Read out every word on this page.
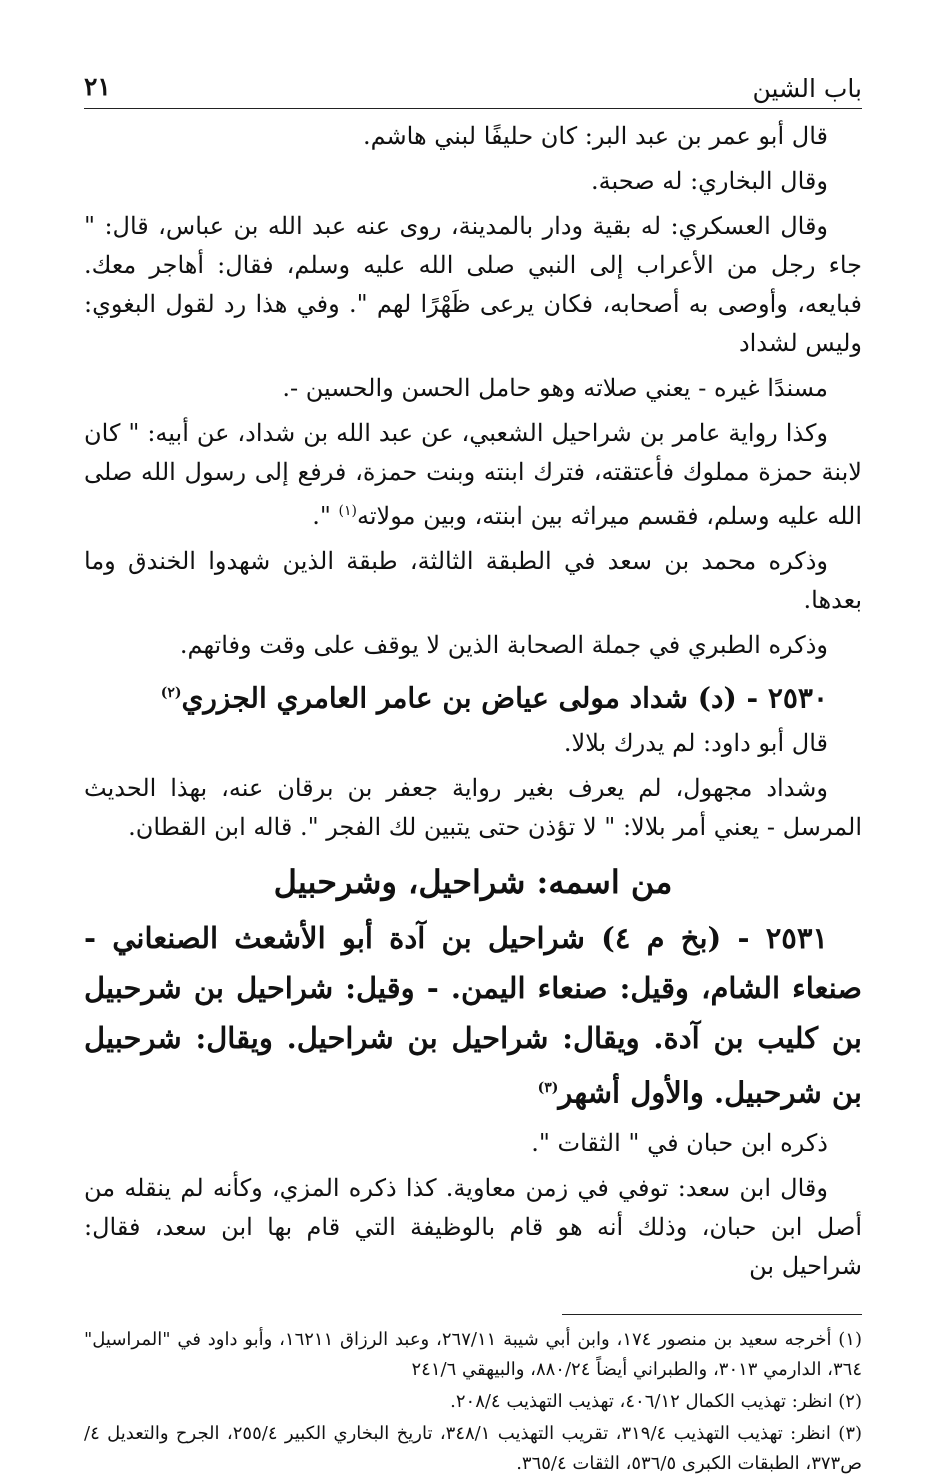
باب الشين
٢١

قال أبو عمر بن عبد البر: كان حليفًا لبني هاشم.

وقال البخاري: له صحبة.

وقال العسكري: له بقية ودار بالمدينة، روى عنه عبد الله بن عباس، قال: " جاء رجل من الأعراب إلى النبي صلى الله عليه وسلم، فقال: أهاجر معك. فبايعه، وأوصى به أصحابه، فكان يرعى ظَهْرًا لهم ". وفي هذا رد لقول البغوي: وليس لشداد

مسندًا غيره - يعني صلاته وهو حامل الحسن والحسين -.

وكذا رواية عامر بن شراحيل الشعبي، عن عبد الله بن شداد، عن أبيه: " كان لابنة حمزة مملوك فأعتقته، فترك ابنته وبنت حمزة، فرفع إلى رسول الله صلى الله عليه وسلم، فقسم ميراثه بين ابنته، وبين مولاته$^{(١)}$ ".

وذكره محمد بن سعد في الطبقة الثالثة، طبقة الذين شهدوا الخندق وما بعدها.

وذكره الطبري في جملة الصحابة الذين لا يوقف على وقت وفاتهم.

٢٥٣٠ - (د) شداد مولى عياض بن عامر العامري الجزري$^{(٢)}$

قال أبو داود: لم يدرك بلالا.

وشداد مجهول، لم يعرف بغير رواية جعفر بن برقان عنه، بهذا الحديث المرسل - يعني أمر بلالا: " لا تؤذن حتى يتبين لك الفجر ". قاله ابن القطان.

من اسمه: شراحيل، وشرحبيل
٢٥٣١ - (بخ م ٤) شراحيل بن آدة أبو الأشعث الصنعاني - صنعاء الشام، وقيل: صنعاء اليمن. - وقيل: شراحيل بن شرحبيل بن كليب بن آدة. ويقال: شراحيل بن شراحيل. ويقال: شرحبيل بن شرحبيل. والأول أشهر$^{(٣)}$

ذكره ابن حبان في " الثقات ".

وقال ابن سعد: توفي في زمن معاوية. كذا ذكره المزي، وكأنه لم ينقله من أصل ابن حبان، وذلك أنه هو قام بالوظيفة التي قام بها ابن سعد، فقال: شراحيل بن

(١) أخرجه سعيد بن منصور ١٧٤، وابن أبي شيبة ٢٦٧/١١، وعبد الرزاق ١٦٢١١، وأبو داود في "المراسيل" ٣٦٤، الدارمي ٣٠١٣، والطبراني أيضاً ٨٨٠/٢٤، والبيهقي ٢٤١/٦

(٢) انظر: تهذيب الكمال ٤٠٦/١٢، تهذيب التهذيب ٢٠٨/٤.

(٣) انظر: تهذيب التهذيب ٣١٩/٤، تقريب التهذيب ٣٤٨/١، تاريخ البخاري الكبير ٢٥٥/٤، الجرح والتعديل ٤/ص٣٧٣، الطبقات الكبرى ٥٣٦/٥، الثقات ٣٦٥/٤.
